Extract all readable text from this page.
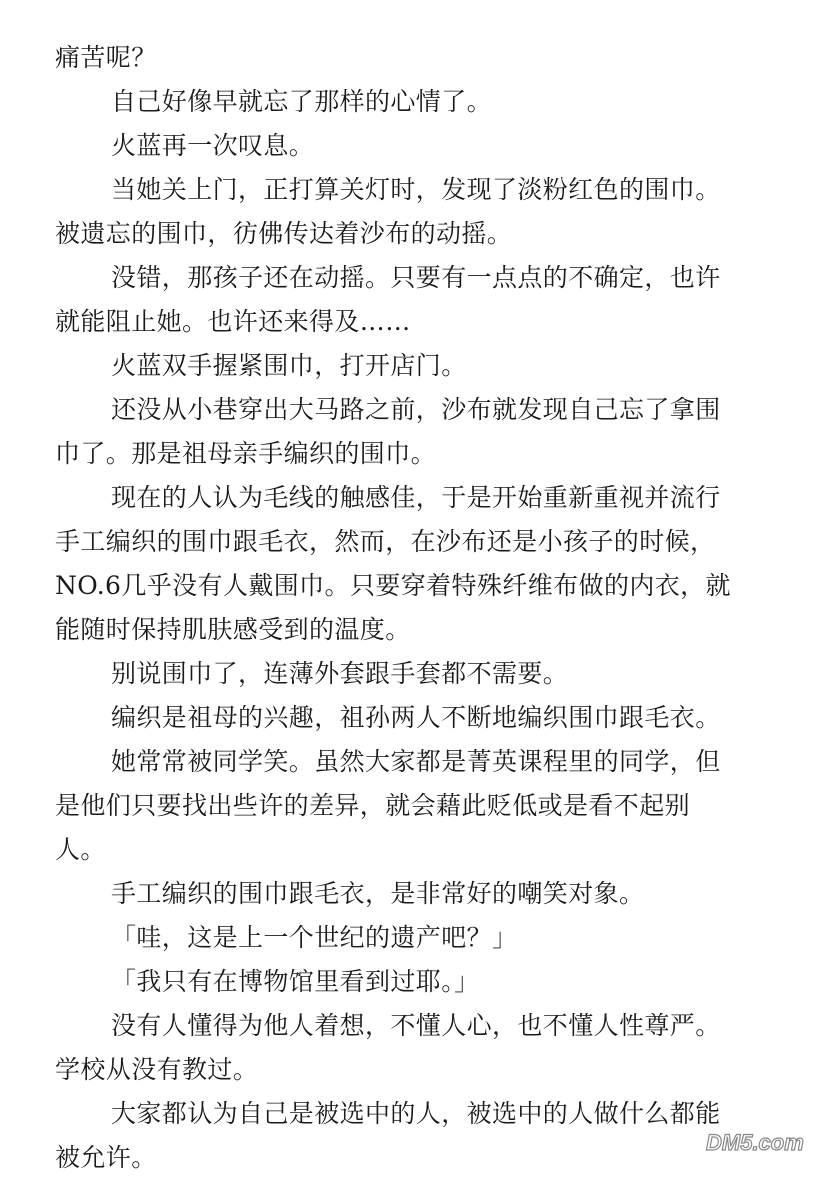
痛苦呢？
自己好像早就忘了那样的心情了。
火蓝再一次叹息。
当她关上门，正打算关灯时，发现了淡粉红色的围巾。
被遗忘的围巾，彷佛传达着沙布的动摇。
没错，那孩子还在动摇。只要有一点点的不确定，也许
就能阻止她。也许还来得及……
火蓝双手握紧围巾，打开店门。
还没从小巷穿出大马路之前，沙布就发现自己忘了拿围
巾了。那是祖母亲手编织的围巾。
现在的人认为毛线的触感佳，于是开始重新重视并流行
手工编织的围巾跟毛衣，然而，在沙布还是小孩子的时候，
NO.6几乎没有人戴围巾。只要穿着特殊纤维布做的内衣，就
能随时保持肌肤感受到的温度。
别说围巾了，连薄外套跟手套都不需要。
编织是祖母的兴趣，祖孙两人不断地编织围巾跟毛衣。
她常常被同学笑。虽然大家都是菁英课程里的同学，但
是他们只要找出些许的差异，就会藉此贬低或是看不起别
人。
手工编织的围巾跟毛衣，是非常好的嘲笑对象。
「哇，这是上一个世纪的遗产吧？」
「我只有在博物馆里看到过耶。」
没有人懂得为他人着想，不懂人心，也不懂人性尊严。
学校从没有教过。
大家都认为自己是被选中的人，被选中的人做什么都能
被允许。
DM5.com
